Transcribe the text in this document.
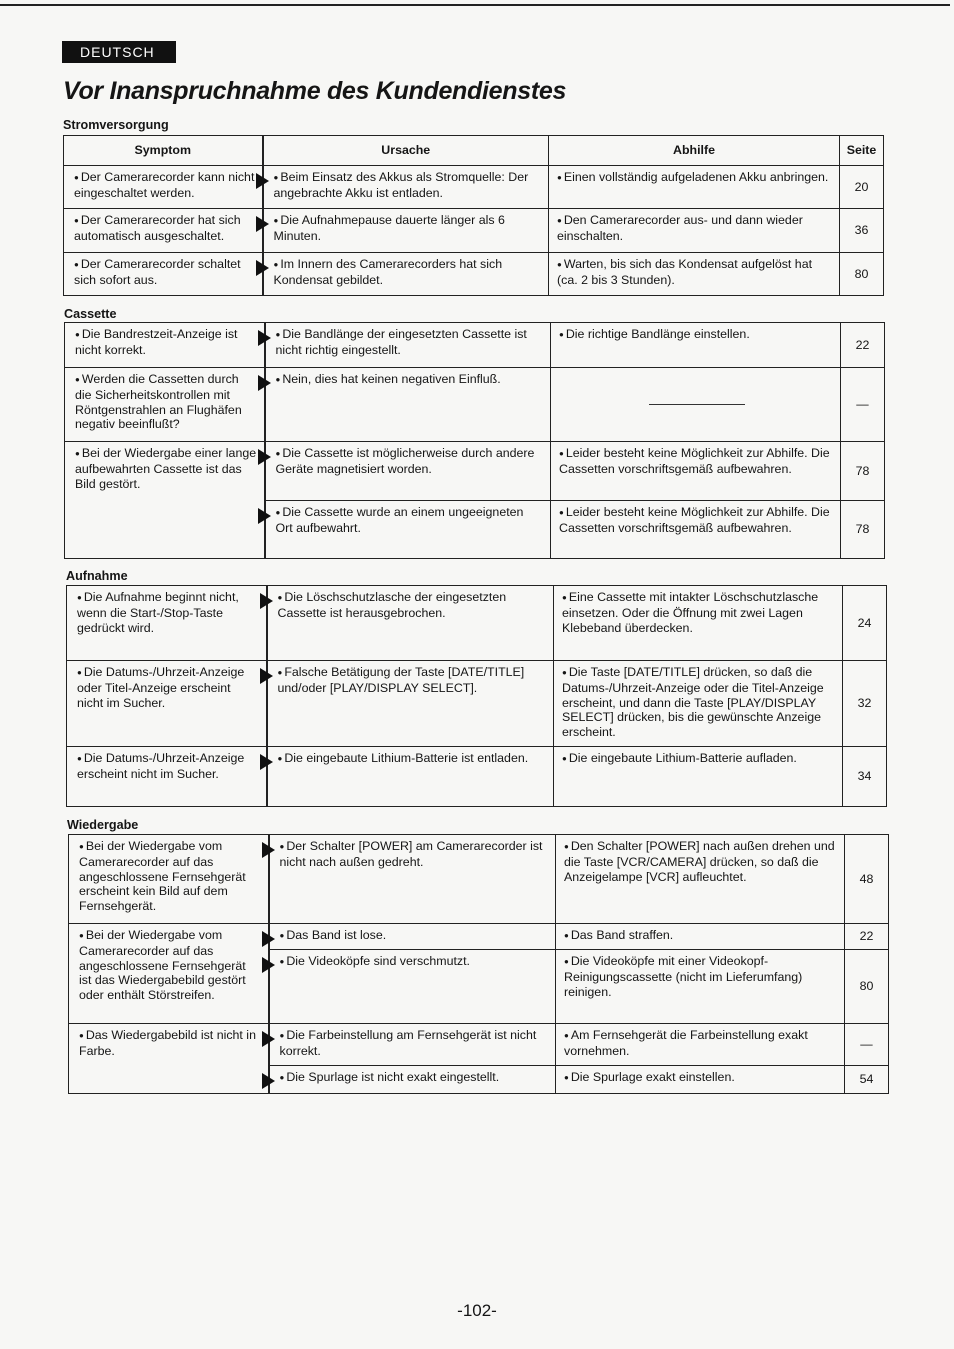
DEUTSCH
Vor Inanspruchnahme des Kundendienstes
Stromversorgung
Symptom	Ursache	Abhilfe	Seite
● Der Camerarecorder kann nicht eingeschaltet werden.	● Beim Einsatz des Akkus als Stromquelle: Der angebrachte Akku ist entladen.	● Einen vollständig aufgeladenen Akku anbringen.	20
● Der Camerarecorder hat sich automatisch ausgeschaltet.	● Die Aufnahmepause dauerte länger als 6 Minuten.	● Den Camerarecorder aus- und dann wieder einschalten.	36
● Der Camerarecorder schaltet sich sofort aus.	● Im Innern des Camerarecorders hat sich Kondensat gebildet.	● Warten, bis sich das Kondensat aufgelöst hat (ca. 2 bis 3 Stunden).	80
Cassette
● Die Bandrestzeit-Anzeige ist nicht korrekt.	● Die Bandlänge der eingesetzten Cassette ist nicht richtig eingestellt.	● Die richtige Bandlänge einstellen.	22
● Werden die Cassetten durch die Sicherheitskontrollen mit Röntgenstrahlen an Flughäfen negativ beeinflußt?	● Nein, dies hat keinen negativen Einfluß.		—
● Bei der Wiedergabe einer lange aufbewahrten Cassette ist das Bild gestört.	● Die Cassette ist möglicherweise durch andere Geräte magnetisiert worden.	● Leider besteht keine Möglichkeit zur Abhilfe. Die Cassetten vorschriftsgemäß aufbewahren.	78

● Die Cassette wurde an einem ungeeigneten Ort aufbewahrt.	● Leider besteht keine Möglichkeit zur Abhilfe. Die Cassetten vorschriftsgemäß aufbewahren.	78
Aufnahme
● Die Aufnahme beginnt nicht, wenn die Start-/Stop-Taste gedrückt wird.	● Die Löschschutzlasche der eingesetzten Cassette ist herausgebrochen.	● Eine Cassette mit intakter Löschschutzlasche einsetzen. Oder die Öffnung mit zwei Lagen Klebeband überdecken.	24
● Die Datums-/Uhrzeit-Anzeige oder Titel-Anzeige erscheint nicht im Sucher.	● Falsche Betätigung der Taste [DATE/TITLE] und/oder [PLAY/DISPLAY SELECT].	● Die Taste [DATE/TITLE] drücken, so daß die Datums-/Uhrzeit-Anzeige oder die Titel-Anzeige erscheint, und dann die Taste [PLAY/DISPLAY SELECT] drücken, bis die gewünschte Anzeige erscheint.	32
● Die Datums-/Uhrzeit-Anzeige erscheint nicht im Sucher.	● Die eingebaute Lithium-Batterie ist entladen.	● Die eingebaute Lithium-Batterie aufladen.	34
Wiedergabe
● Bei der Wiedergabe vom Camerarecorder auf das angeschlossene Fernsehgerät erscheint kein Bild auf dem Fernsehgerät.	● Der Schalter [POWER] am Camerarecorder ist nicht nach außen gedreht.	● Den Schalter [POWER] nach außen drehen und die Taste [VCR/CAMERA] drücken, so daß die Anzeigelampe [VCR] aufleuchtet.	48
● Bei der Wiedergabe vom Camerarecorder auf das angeschlossene Fernsehgerät ist das Wiedergabebild gestört oder enthält Störstreifen.	● Das Band ist lose.	● Das Band straffen.	22

● Die Videoköpfe sind verschmutzt.	● Die Videoköpfe mit einer Videokopf-Reinigungscassette (nicht im Lieferumfang) reinigen.	80
● Das Wiedergabebild ist nicht in Farbe.	● Die Farbeinstellung am Fernsehgerät ist nicht korrekt.	● Am Fernsehgerät die Farbeinstellung exakt vornehmen.	—

● Die Spurlage ist nicht exakt eingestellt.	● Die Spurlage exakt einstellen.	54
-102-
